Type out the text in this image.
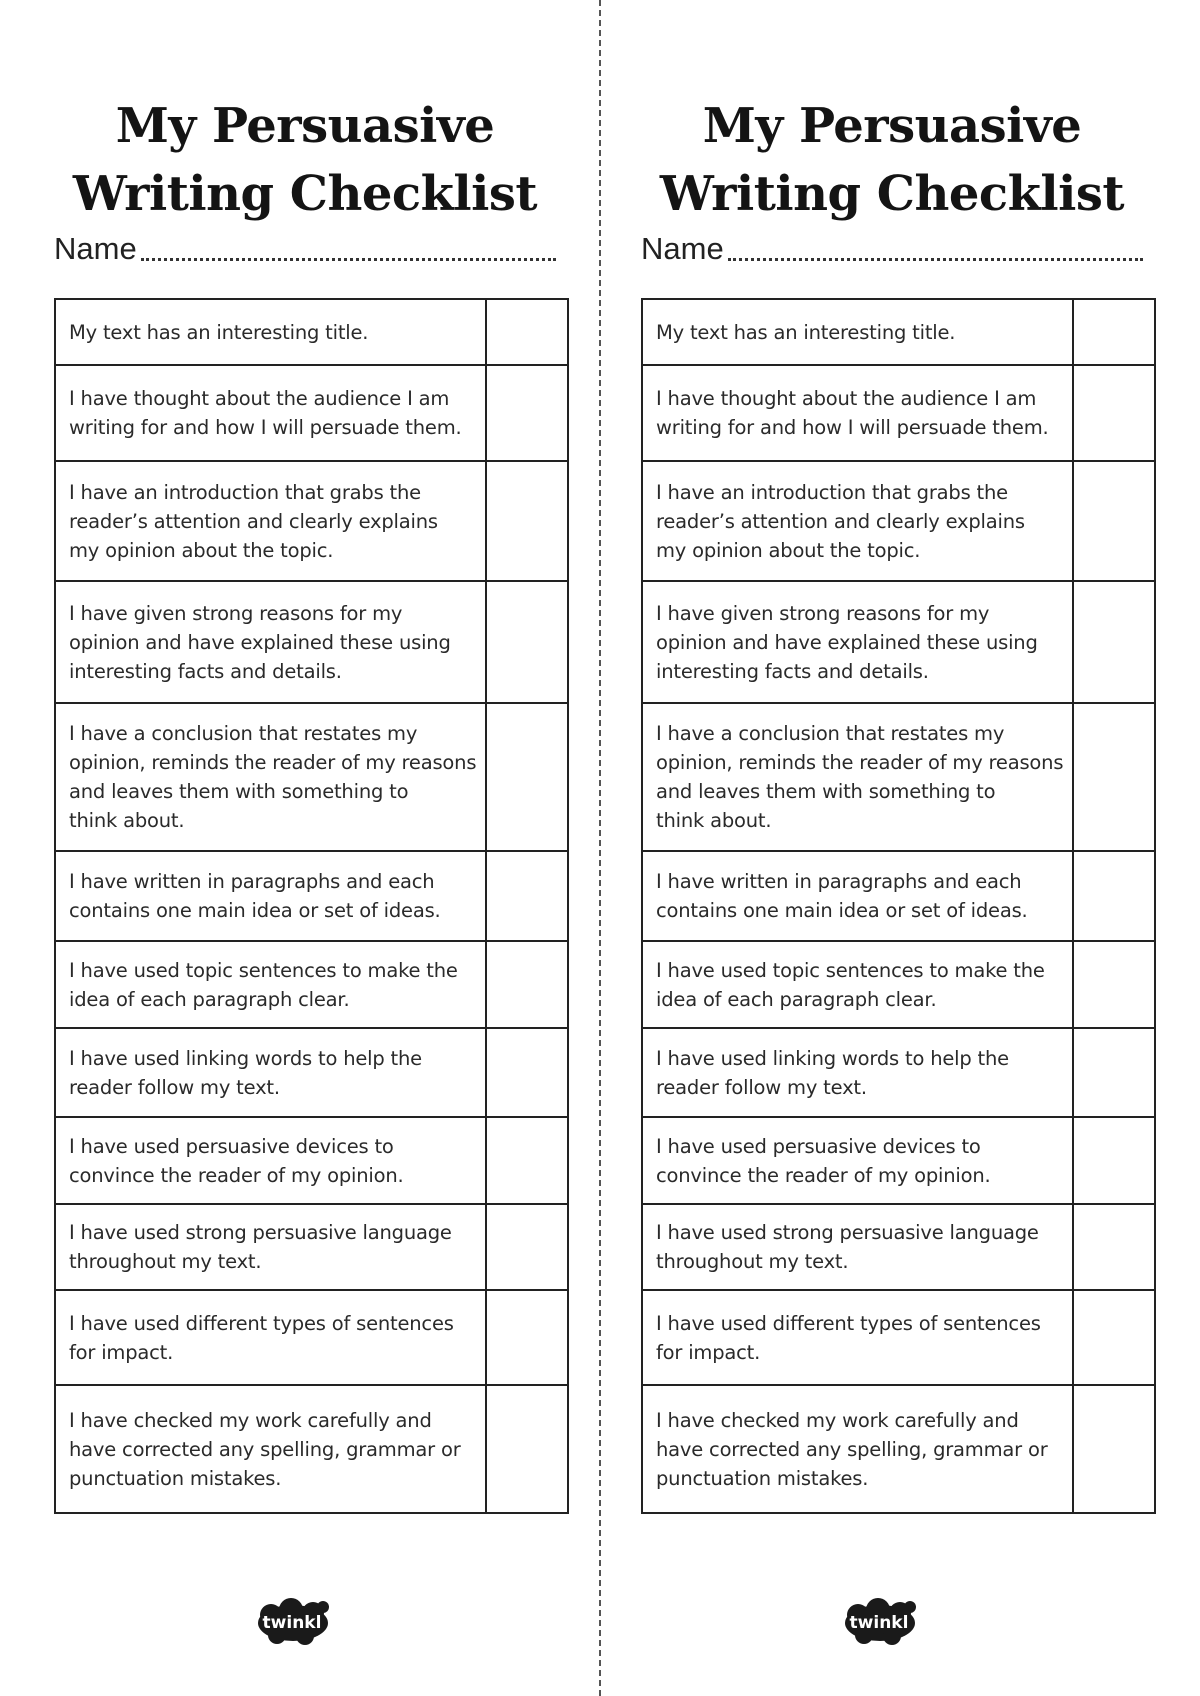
My Persuasive
Writing Checklist
Name
My text has an interesting title.	
I have thought about the audience I am
writing for and how I will persuade them.	
I have an introduction that grabs the
reader’s attention and clearly explains
my opinion about the topic.	
I have given strong reasons for my
opinion and have explained these using
interesting facts and details.	
I have a conclusion that restates my
opinion, reminds the reader of my reasons
and leaves them with something to
think about.	
I have written in paragraphs and each
contains one main idea or set of ideas.	
I have used topic sentences to make the
idea of each paragraph clear.	
I have used linking words to help the
reader follow my text.	
I have used persuasive devices to
convince the reader of my opinion.	
I have used strong persuasive language
throughout my text.	
I have used different types of sentences
for impact.	
I have checked my work carefully and
have corrected any spelling, grammar or
punctuation mistakes.	
twinkl
My Persuasive
Writing Checklist
Name
My text has an interesting title.	
I have thought about the audience I am
writing for and how I will persuade them.	
I have an introduction that grabs the
reader’s attention and clearly explains
my opinion about the topic.	
I have given strong reasons for my
opinion and have explained these using
interesting facts and details.	
I have a conclusion that restates my
opinion, reminds the reader of my reasons
and leaves them with something to
think about.	
I have written in paragraphs and each
contains one main idea or set of ideas.	
I have used topic sentences to make the
idea of each paragraph clear.	
I have used linking words to help the
reader follow my text.	
I have used persuasive devices to
convince the reader of my opinion.	
I have used strong persuasive language
throughout my text.	
I have used different types of sentences
for impact.	
I have checked my work carefully and
have corrected any spelling, grammar or
punctuation mistakes.	
twinkl
